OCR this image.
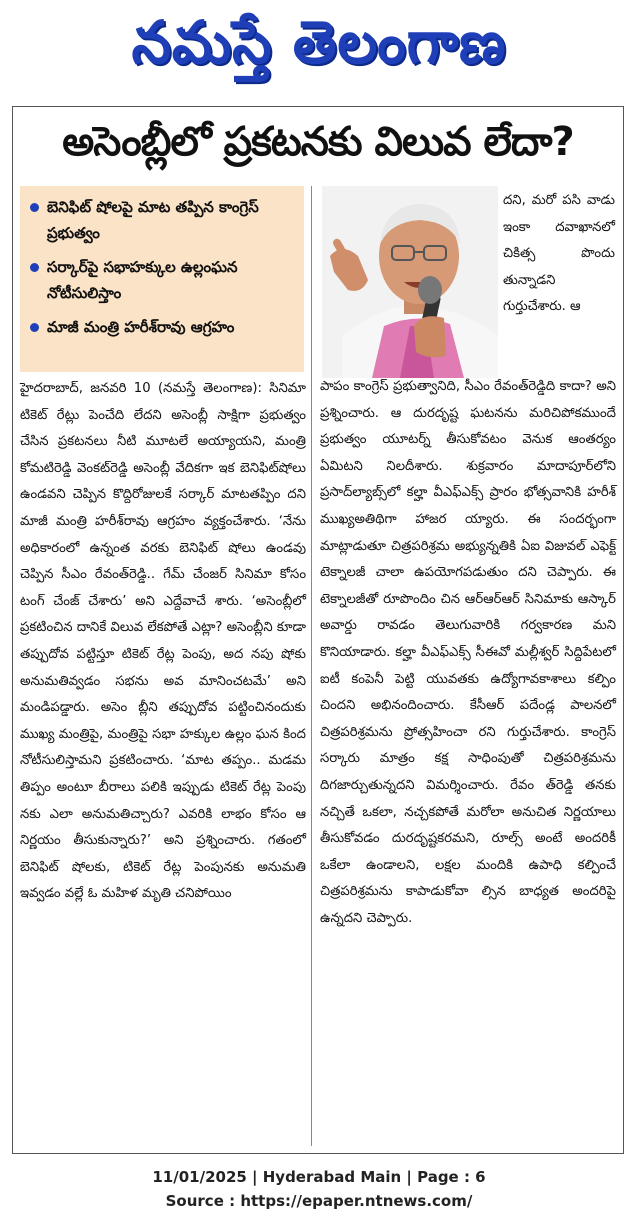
నమస్తే తెలంగాణ
అసెంబ్లీలో ప్రకటనకు విలువ లేదా?
బెనిఫిట్ షోలపై మాట తప్పిన కాంగ్రెస్ ప్రభుత్వం
సర్కార్‌పై సభాహక్కుల ఉల్లంఘన నోటీసులిస్తాం
మాజీ మంత్రి హరీశ్‌రావు ఆగ్రహం

హైదరాబాద్, జనవరి 10 (నమస్తే తెలంగాణ): సినిమా టికెట్ రేట్లు పెంచేది లేదని అసెంబ్లీ సాక్షిగా ప్రభుత్వం చేసిన ప్రకటనలు నీటి మూటలే అయ్యాయని, మంత్రి కోమటిరెడ్డి వెంకట్‌రెడ్డి అసెంబ్లీ వేదికగా ఇక బెనిఫిట్‌షోలు ఉండవని చెప్పిన కొద్దిరోజులకే సర్కార్ మాటతప్పిం దని మాజీ మంత్రి హరీశ్‌రావు ఆగ్రహం వ్యక్తంచేశారు. ‘నేను అధికారంలో ఉన్నంత వరకు బెనిఫిట్ షోలు ఉండవు చెప్పిన సీఎం రేవంత్‌రెడ్డి.. గేమ్ చేంజర్ సినిమా కోసం టంగ్ చేంజ్ చేశారు’ అని ఎద్దేవాచే శారు. ‘అసెంబ్లీలో ప్రకటించిన దానికే విలువ లేకపోతే ఎట్లా? అసెంబ్లీని కూడా తప్పుదోవ పట్టిస్తూ టికెట్ రేట్ల పెంపు, అద నపు షోకు అనుమతివ్వడం సభను అవ మానించటమే’ అని మండిపడ్డారు. అసెం బ్లీని తప్పుదోవ పట్టించినందుకు ముఖ్య మంత్రిపై, మంత్రిపై సభా హక్కుల ఉల్లం ఘన కింద నోటీసులిస్తామని ప్రకటించారు. ‘మాట తప్పం.. మడమ తిప్పం అంటూ బీరాలు పలికి ఇప్పుడు టికెట్ రేట్ల పెంపు నకు ఎలా అనుమతిచ్చారు? ఎవరికి లాభం కోసం ఆ నిర్ణయం తీసుకున్నారు?’ అని ప్రశ్నించారు. గతంలో బెనిఫిట్ షోలకు, టికెట్ రేట్ల పెంపునకు అనుమతి ఇవ్వడం వల్లే ఓ మహిళ మృతి చనిపోయిం

దని, మరో పసి వాడు ఇంకా దవాఖానలో చికిత్స పొందు తున్నాడని గుర్తుచేశారు. ఆ

పాపం కాంగ్రెస్ ప్రభుత్వానిది, సీఎం రేవంత్‌రెడ్డిది కాదా? అని ప్రశ్నించారు. ఆ దురదృష్ట ఘటనను మరిచిపోకముందే ప్రభుత్వం యూటర్న్ తీసుకోవటం వెనుక ఆంతర్యం ఏమిటని నిలదీశారు. శుక్రవారం మాదాపూర్‌లోని ప్రసాద్‌ల్యాబ్స్‌లో కల్హా వీఎఫ్‌ఎక్స్ ప్రారం భోత్సవానికి హరీశ్ ముఖ్యఅతిథిగా హాజర య్యారు. ఈ సందర్భంగా మాట్లాడుతూ చిత్రపరిశ్రమ అభ్యున్నతికి ఏఐ విజువల్ ఎఫెక్ట్ టెక్నాలజీ చాలా ఉపయోగపడుతుం దని చెప్పారు. ఈ టెక్నాలజీతో రూపొందిం చిన ఆర్‌ఆర్‌ఆర్ సినిమాకు ఆస్కార్ అవార్డు రావడం తెలుగువారికి గర్వకారణ మని కొనియాడారు. కల్హా వీఎఫ్‌ఎక్స్ సీఈవో మల్లీశ్వర్ సిద్దిపేటలో ఐటీ కంపెనీ పెట్టి యువతకు ఉద్యోగావకాశాలు కల్పిం చిందని అభినందించారు. కేసీఆర్ పదేండ్ల పాలనలో చిత్రపరిశ్రమను ప్రోత్సహించా రని గుర్తుచేశారు. కాంగ్రెస్ సర్కారు మాత్రం కక్ష సాధింపుతో చిత్రపరిశ్రమను దిగజార్చుతున్నదని విమర్శించారు. రేవం త్‌రెడ్డి తనకు నచ్చితే ఒకలా, నచ్చకపోతే మరోలా అనుచిత నిర్ణయాలు తీసుకోవడం దురదృష్టకరమని, రూల్స్ అంటే అందరికీ ఒకేలా ఉండాలని, లక్షల మందికి ఉపాధి కల్పించే చిత్రపరిశ్రమను కాపాడుకోవా ల్సిన బాధ్యత అందరిపై ఉన్నదని చెప్పారు.

11/01/2025 | Hyderabad Main | Page : 6
Source : https://epaper.ntnews.com/
